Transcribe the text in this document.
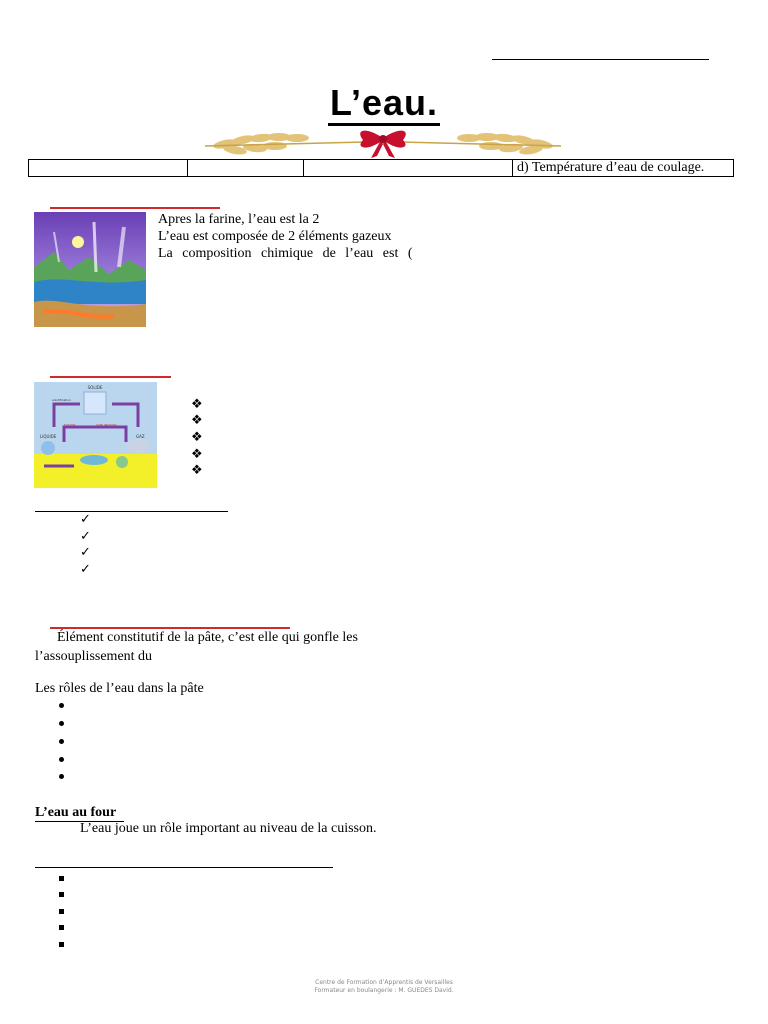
L’eau.
			d) Température d’eau de coulage.
Apres la farine, l’eau est la 2
L’eau est composée de 2 éléments gazeux
La composition chimique de l’eau est (
SOLIDE
solidification
FUSION	SUBLIMATION
LIQUIDE	GAZ
❖
❖
❖
❖
❖
✓
✓
✓
✓
Élément constitutif de la pâte, c’est elle qui gonfle les
l’assouplissement du
Les rôles de l’eau dans la pâte
L’eau au four
L’eau joue un rôle important au niveau de la cuisson.
Centre de Formation d’Apprentis de Versailles
Formateur en boulangerie : M. GUEDES David.
